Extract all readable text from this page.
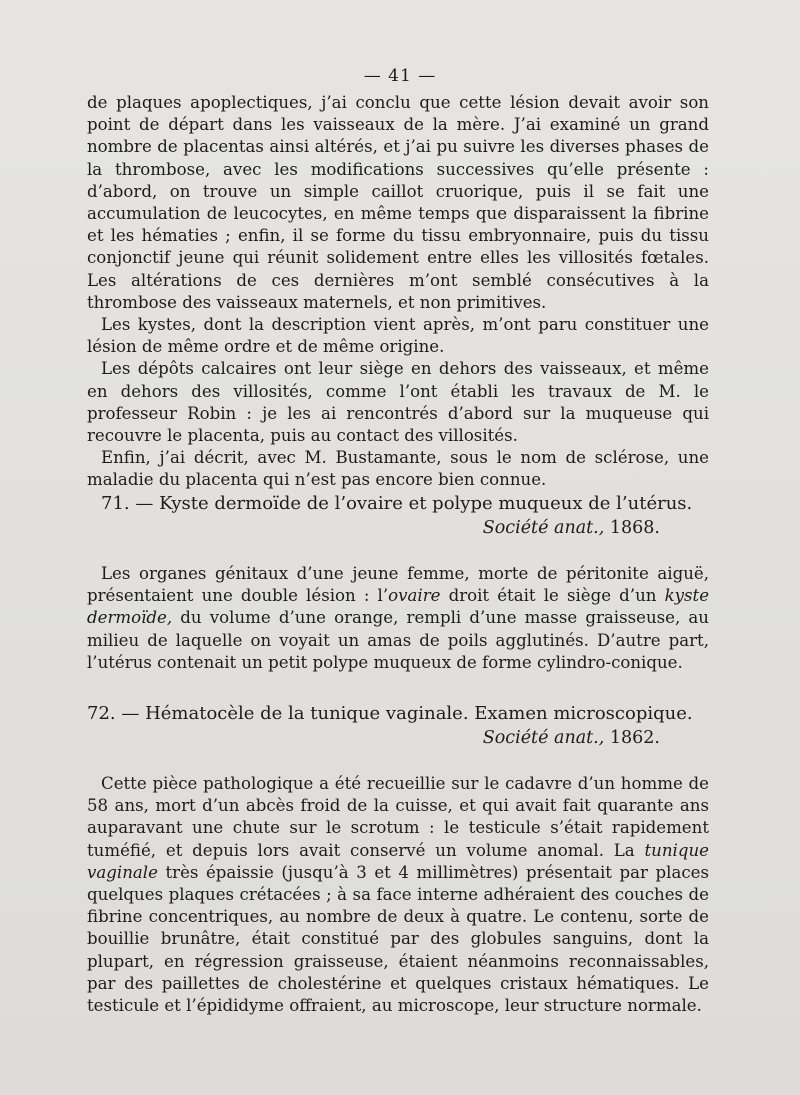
— 41 —

de plaques apoplectiques, j’ai conclu que cette lésion devait avoir son point de départ dans les vaisseaux de la mère. J’ai examiné un grand nombre de placentas ainsi altérés, et j’ai pu suivre les diverses phases de la thrombose, avec les modifications successives qu’elle présente : d’abord, on trouve un simple caillot cruorique, puis il se fait une accumulation de leucocytes, en même temps que disparaissent la fibrine et les hématies ; enfin, il se forme du tissu embryonnaire, puis du tissu conjonctif jeune qui réunit solidement entre elles les villosités fœtales. Les altérations de ces dernières m’ont semblé consécutives à la thrombose des vaisseaux maternels, et non primitives.

Les kystes, dont la description vient après, m’ont paru constituer une lésion de même ordre et de même origine.

Les dépôts calcaires ont leur siège en dehors des vaisseaux, et même en dehors des villosités, comme l’ont établi les travaux de M. le professeur Robin : je les ai rencontrés d’abord sur la muqueuse qui recouvre le placenta, puis au contact des villosités.

Enfin, j’ai décrit, avec M. Bustamante, sous le nom de sclérose, une maladie du placenta qui n’est pas encore bien connue.

71. — Kyste dermoïde de l’ovaire et polype muqueux de l’utérus.
Société anat., 1868.

Les organes génitaux d’une jeune femme, morte de péritonite aiguë, présentaient une double lésion : l’ovaire droit était le siège d’un kyste dermoïde, du volume d’une orange, rempli d’une masse graisseuse, au milieu de laquelle on voyait un amas de poils agglutinés. D’autre part, l’utérus contenait un petit polype muqueux de forme cylindro-conique.

72. — Hématocèle de la tunique vaginale. Examen microscopique.
Société anat., 1862.

Cette pièce pathologique a été recueillie sur le cadavre d’un homme de 58 ans, mort d’un abcès froid de la cuisse, et qui avait fait quarante ans auparavant une chute sur le scrotum : le testicule s’était rapidement tuméfié, et depuis lors avait conservé un volume anomal. La tunique vaginale très épaissie (jusqu’à 3 et 4 millimètres) présentait par places quelques plaques crétacées ; à sa face interne adhéraient des couches de fibrine concentriques, au nombre de deux à quatre. Le contenu, sorte de bouillie brunâtre, était constitué par des globules sanguins, dont la plupart, en régression graisseuse, étaient néanmoins reconnaissables, par des paillettes de cholestérine et quelques cristaux hématiques. Le testicule et l’épididyme offraient, au microscope, leur structure normale.
